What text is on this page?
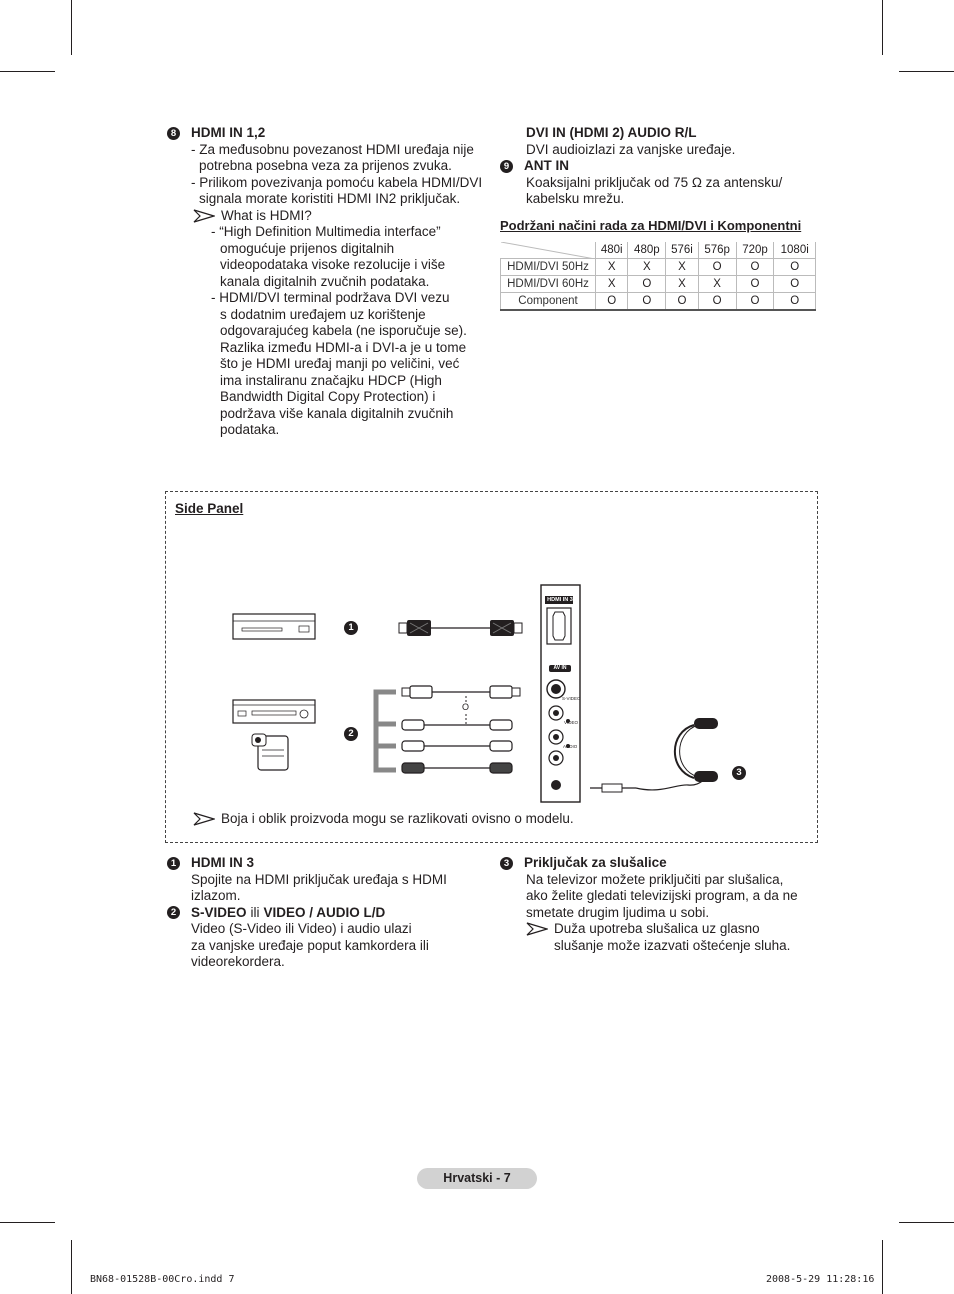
8 HDMI IN 1,2
- Za međusobnu povezanost HDMI uređaja nije
potrebna posebna veza za prijenos zvuka.
- Prilikom povezivanja pomoću kabela HDMI/DVI
signala morate koristiti HDMI IN2 priključak.
What is HDMI?
- “High Definition Multimedia interface”
omogućuje prijenos digitalnih
videopodataka visoke rezolucije i više
kanala digitalnih zvučnih podataka.
- HDMI/DVI terminal podržava DVI vezu
s dodatnim uređajem uz korištenje
odgovarajućeg kabela (ne isporučuje se).
Razlika između HDMI-a i DVI-a je u tome
što je HDMI uređaj manji po veličini, već
ima instaliranu značajku HDCP (High
Bandwidth Digital Copy Protection) i
podržava više kanala digitalnih zvučnih
podataka.
DVI IN (HDMI 2) AUDIO R/L
DVI audioizlazi za vanjske uređaje.
9 ANT IN
Koaksijalni priključak od 75 Ω za antensku/
kabelsku mrežu.
Podržani načini rada za HDMI/DVI i Komponentni
	480i	480p	576i	576p	720p	1080i
HDMI/DVI 50Hz	X	X	X	O	O	O
HDMI/DVI 60Hz	X	O	X	X	O	O
Component	O	O	O	O	O	O
Side Panel
HDMI IN 3
AV IN
S-VIDEO
VIDEO
AUDIO
O
1
2
3
Boja i oblik proizvoda mogu se razlikovati ovisno o modelu.
1 HDMI IN 3
Spojite na HDMI priključak uređaja s HDMI
izlazom.
2 S-VIDEO ili VIDEO / AUDIO L/D
Video (S-Video ili Video) i audio ulazi
za vanjske uređaje poput kamkordera ili
videorekordera.
3 Priključak za slušalice
Na televizor možete priključiti par slušalica,
ako želite gledati televizijski program, a da ne
smetate drugim ljudima u sobi.
Duža upotreba slušalica uz glasno
slušanje može izazvati oštećenje sluha.
Hrvatski - 7
BN68-01528B-00Cro.indd 7	2008-5-29 11:28:16
